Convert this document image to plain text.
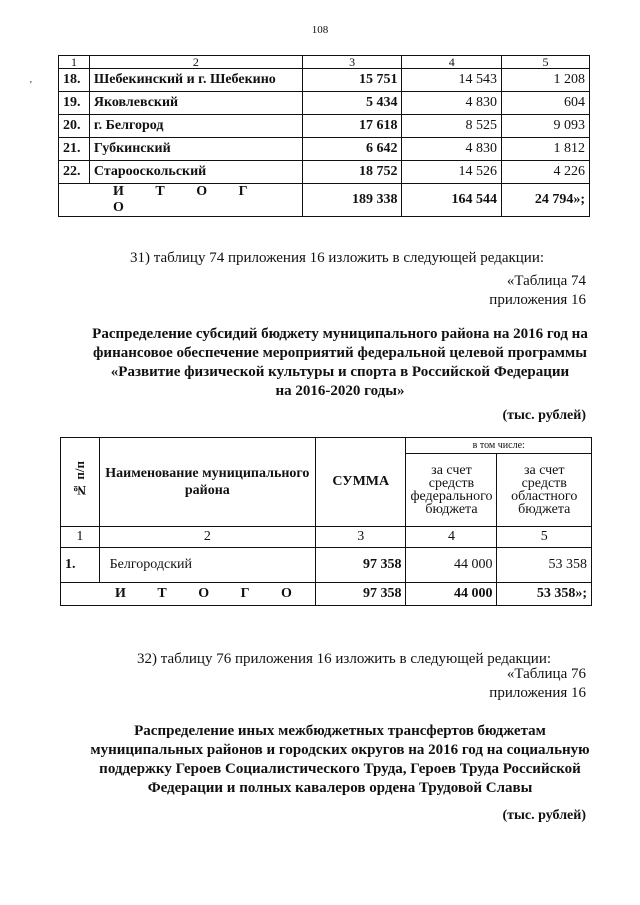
108
'
1	2	3	4	5
18.	Шебекинский и г. Шебекино	15 751	14 543	1 208
19.	Яковлевский	5 434	4 830	604
20.	г. Белгород	17 618	8 525	9 093
21.	Губкинский	6 642	4 830	1 812
22.	Старооскольский	18 752	14 526	4 226
И Т О Г О		189 338	164 544	24 794»;
31) таблицу 74 приложения 16 изложить в следующей редакции:
«Таблица 74
приложения 16
Распределение субсидий бюджету муниципального района на 2016 год на
финансовое обеспечение мероприятий федеральной целевой программы
«Развитие физической культуры и спорта в Российской Федерации
на 2016-2020 годы»
(тыс. рублей)
№ п/п	Наименование муниципального района	СУММА	в том числе:	
			за счет средств федерального бюджета	за счет средств областного бюджета
1	2	3	4	5
1.	Белгородский	97 358	44 000	53 358
И Т О Г О		97 358	44 000	53 358»;
32) таблицу 76 приложения 16 изложить в следующей редакции:
«Таблица 76
приложения 16
Распределение иных межбюджетных трансфертов бюджетам
муниципальных районов и городских округов на 2016 год на социальную
поддержку Героев Социалистического Труда, Героев Труда Российской
Федерации и полных кавалеров ордена Трудовой Славы
(тыс. рублей)
